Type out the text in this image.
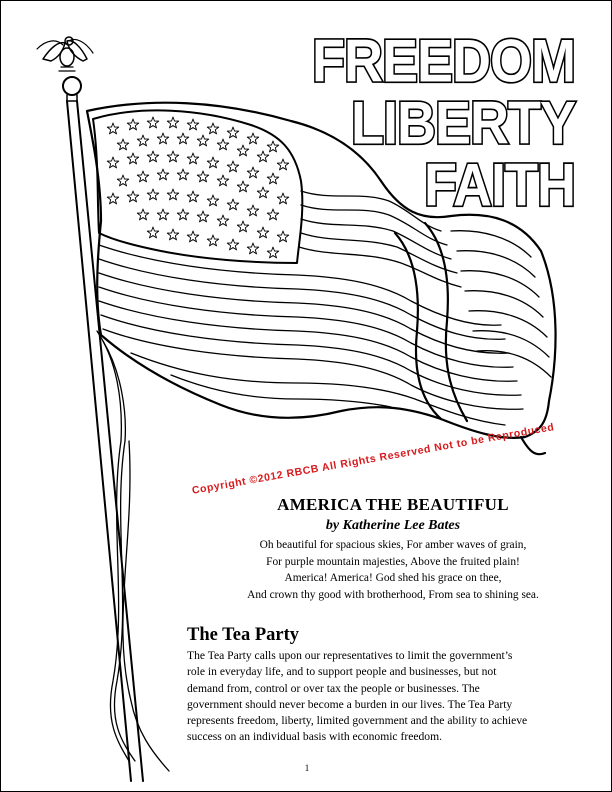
FREEDOM
LIBERTY
FAITH
Copyright ©2012 RBCB All Rights Reserved Not to be Reproduced
AMERICA THE BEAUTIFUL
by Katherine Lee Bates
Oh beautiful for spacious skies, For amber waves of grain,
For purple mountain majesties, Above the fruited plain!
America! America! God shed his grace on thee,
And crown thy good with brotherhood, From sea to shining sea.
The Tea Party
The Tea Party calls upon our representatives to limit the government’s
role in everyday life, and to support people and businesses, but not
demand from, control or over tax the people or businesses. The
government should never become a burden in our lives. The Tea Party
represents freedom, liberty, limited government and the ability to achieve
success on an individual basis with economic freedom.
1
